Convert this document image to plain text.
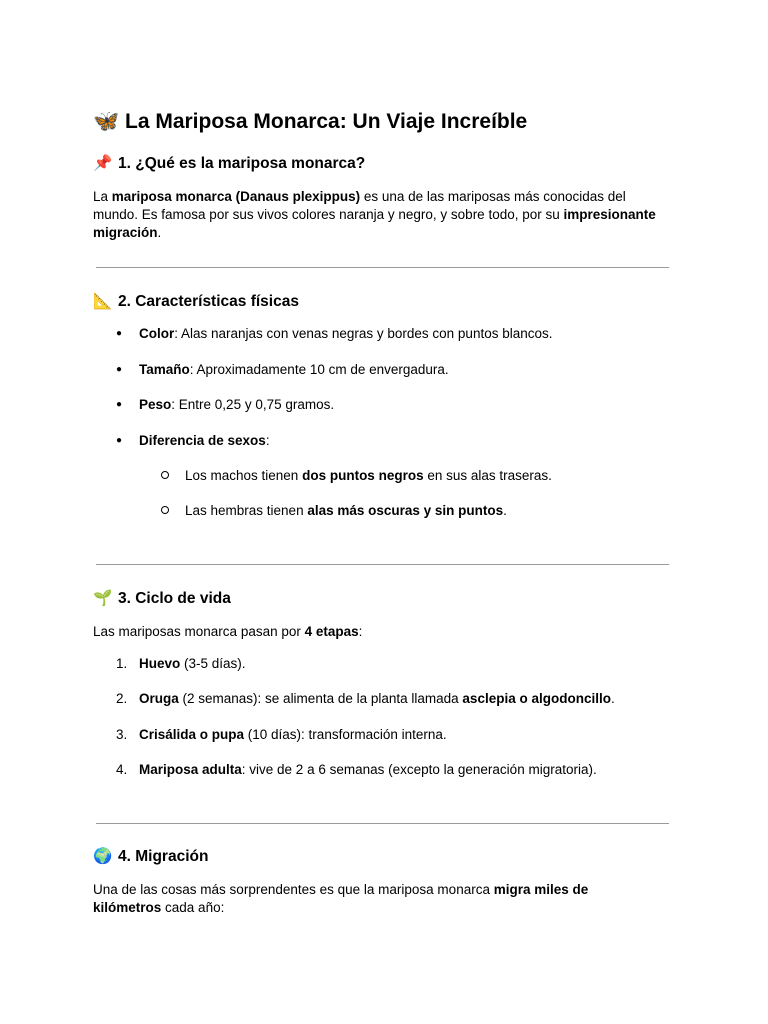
🦋 La Mariposa Monarca: Un Viaje Increíble
📌 1. ¿Qué es la mariposa monarca?

La mariposa monarca (Danaus plexippus) es una de las mariposas más conocidas del mundo. Es famosa por sus vivos colores naranja y negro, y sobre todo, por su impresionante migración.

📐 2. Características físicas
● Color: Alas naranjas con venas negras y bordes con puntos blancos.

● Tamaño: Aproximadamente 10 cm de envergadura.

● Peso: Entre 0,25 y 0,75 gramos.

● Diferencia de sexos:

Los machos tienen dos puntos negros en sus alas traseras.

Las hembras tienen alas más oscuras y sin puntos.

🌱 3. Ciclo de vida

Las mariposas monarca pasan por 4 etapas:

1. Huevo (3-5 días).

2. Oruga (2 semanas): se alimenta de la planta llamada asclepia o algodoncillo.

3. Crisálida o pupa (10 días): transformación interna.

4. Mariposa adulta: vive de 2 a 6 semanas (excepto la generación migratoria).

🌍 4. Migración

Una de las cosas más sorprendentes es que la mariposa monarca migra miles de kilómetros cada año:
